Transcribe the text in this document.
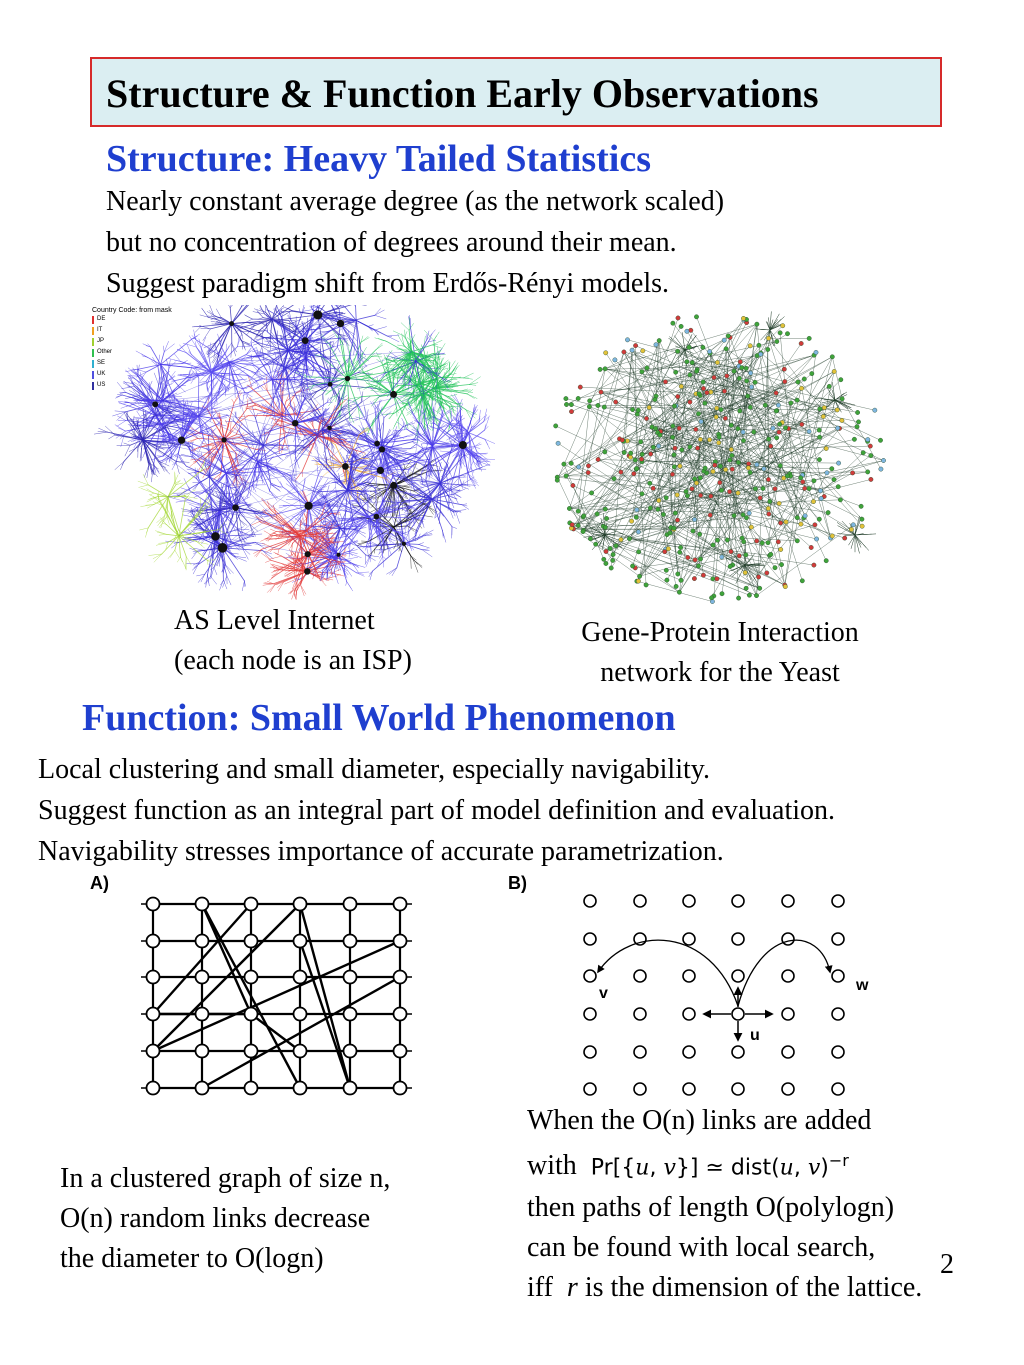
Structure & Function Early Observations
Structure: Heavy Tailed Statistics
Nearly constant average degree (as the network scaled)
but no concentration of degrees around their mean.
Suggest paradigm shift from Erdős-Rényi models.
Country Code: from mask
DE
IT
JP
Other
SE
UK
US
AS Level Internet
(each node is an ISP)
Gene-Protein Interaction
network for the Yeast
Function: Small World Phenomenon
Local clustering and small diameter, especially navigability.
Suggest function as an integral part of model definition and evaluation.
Navigability stresses importance of accurate parametrization.
A)
In a clustered graph of size n,
O(n) random links decrease
the diameter to O(logn)
B)
v	w
u
When the O(n) links are added
with Pr[{u, v}] ≃ dist(u, v)$^{-r}$
then paths of length O(polylogn)
can be found with local search,
iff r is the dimension of the lattice.
2
